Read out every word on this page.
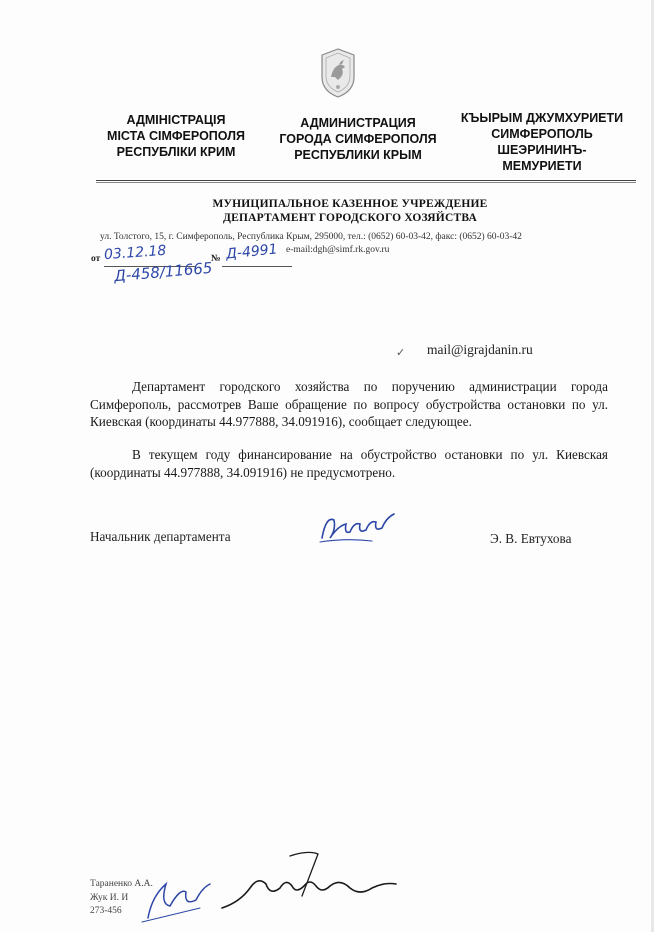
АДМІНІСТРАЦІЯ
МІСТА СІМФЕРОПОЛЯ
РЕСПУБЛІКИ КРИМ
АДМИНИСТРАЦИЯ
ГОРОДА СИМФЕРОПОЛЯ
РЕСПУБЛИКИ КРЫМ
КЪЫРЫМ ДЖУМХУРИЕТИ
СИМФЕРОПОЛЬ
ШЕЭРИНИНЪ-
МЕМУРИЕТИ
МУНИЦИПАЛЬНОЕ КАЗЕННОЕ УЧРЕЖДЕНИЕ
ДЕПАРТАМЕНТ ГОРОДСКОГО ХОЗЯЙСТВА
ул. Толстого, 15, г. Симферополь, Республика Крым, 295000, тел.: (0652) 60-03-42, факс: (0652) 60-03-42
e-mail:dgh@simf.rk.gov.ru
от	№
03.12.18	Д-4991
Д-458/11665
✓ mail@igrajdanin.ru
Департамент городского хозяйства по поручению администрации города Симферополь, рассмотрев Ваше обращение по вопросу обустройства остановки по ул. Киевская (координаты 44.977888, 34.091916), сообщает следующее.
В текущем году финансирование на обустройство остановки по ул. Киевская (координаты 44.977888, 34.091916) не предусмотрено.
Начальник департамента	Э. В. Евтухова
Тараненко А.А.
Жук И. И
273-456
